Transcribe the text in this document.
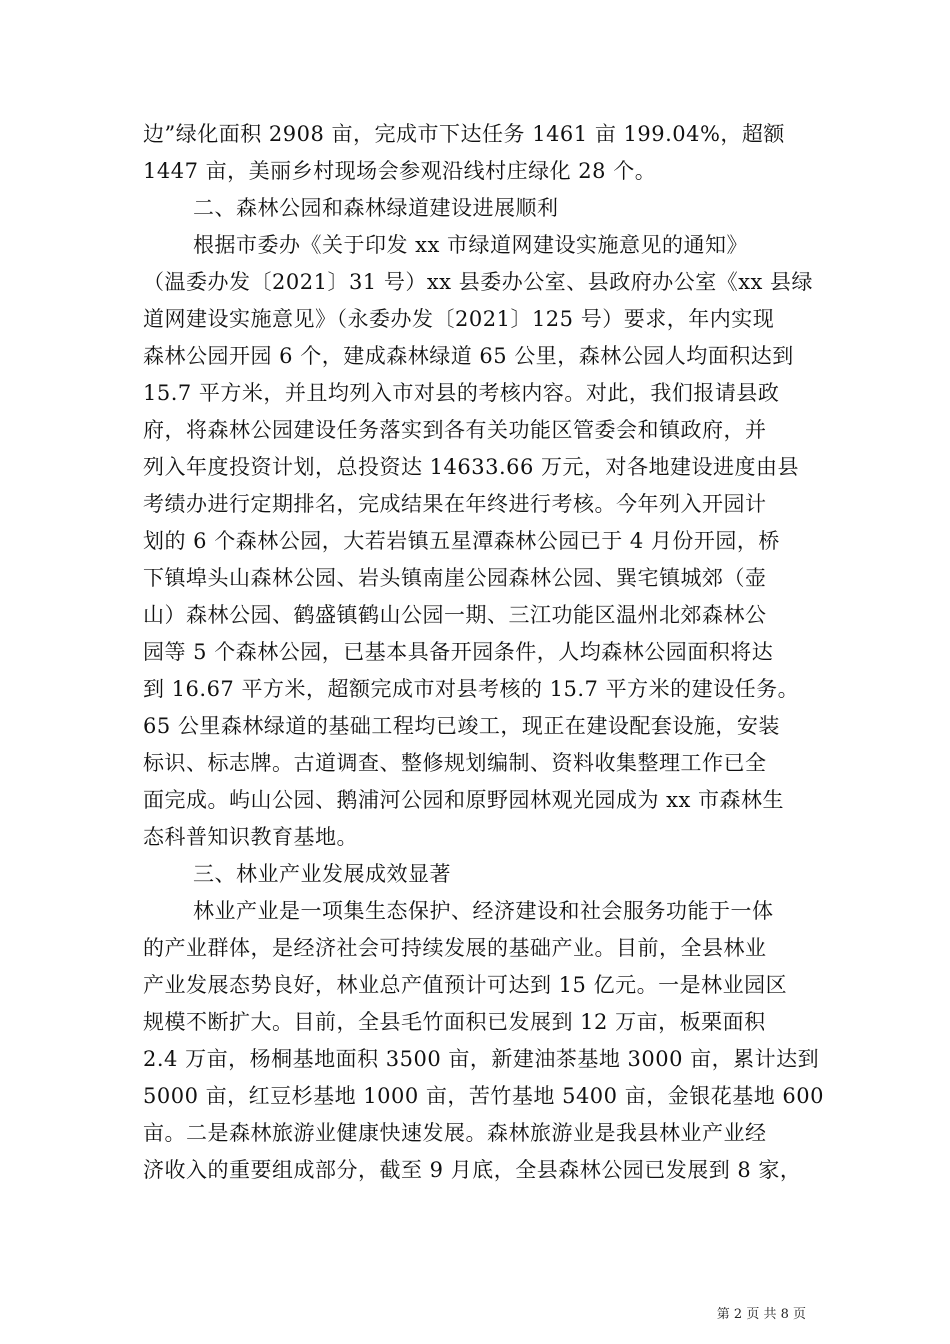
边”绿化面积 2908 亩，完成市下达任务 1461 亩 199.04%，超额
1447 亩，美丽乡村现场会参观沿线村庄绿化 28 个。
二、森林公园和森林绿道建设进展顺利
根据市委办《关于印发 xx 市绿道网建设实施意见的通知》
（温委办发〔2021〕31 号）xx 县委办公室、县政府办公室《xx 县绿
道网建设实施意见》（永委办发〔2021〕125 号）要求，年内实现
森林公园开园 6 个，建成森林绿道 65 公里，森林公园人均面积达到
15.7 平方米，并且均列入市对县的考核内容。对此，我们报请县政
府，将森林公园建设任务落实到各有关功能区管委会和镇政府，并
列入年度投资计划，总投资达 14633.66 万元，对各地建设进度由县
考绩办进行定期排名，完成结果在年终进行考核。今年列入开园计
划的 6 个森林公园，大若岩镇五星潭森林公园已于 4 月份开园，桥
下镇埠头山森林公园、岩头镇南崖公园森林公园、巽宅镇城郊（壶
山）森林公园、鹤盛镇鹤山公园一期、三江功能区温州北郊森林公
园等 5 个森林公园，已基本具备开园条件，人均森林公园面积将达
到 16.67 平方米，超额完成市对县考核的 15.7 平方米的建设任务。
65 公里森林绿道的基础工程均已竣工，现正在建设配套设施，安装
标识、标志牌。古道调查、整修规划编制、资料收集整理工作已全
面完成。屿山公园、鹅浦河公园和原野园林观光园成为 xx 市森林生
态科普知识教育基地。
三、林业产业发展成效显著
林业产业是一项集生态保护、经济建设和社会服务功能于一体
的产业群体，是经济社会可持续发展的基础产业。目前，全县林业
产业发展态势良好，林业总产值预计可达到 15 亿元。一是林业园区
规模不断扩大。目前，全县毛竹面积已发展到 12 万亩，板栗面积
2.4 万亩，杨桐基地面积 3500 亩，新建油茶基地 3000 亩，累计达到
5000 亩，红豆杉基地 1000 亩，苦竹基地 5400 亩，金银花基地 600
亩。二是森林旅游业健康快速发展。森林旅游业是我县林业产业经
济收入的重要组成部分，截至 9 月底，全县森林公园已发展到 8 家，
第 2 页 共 8 页
